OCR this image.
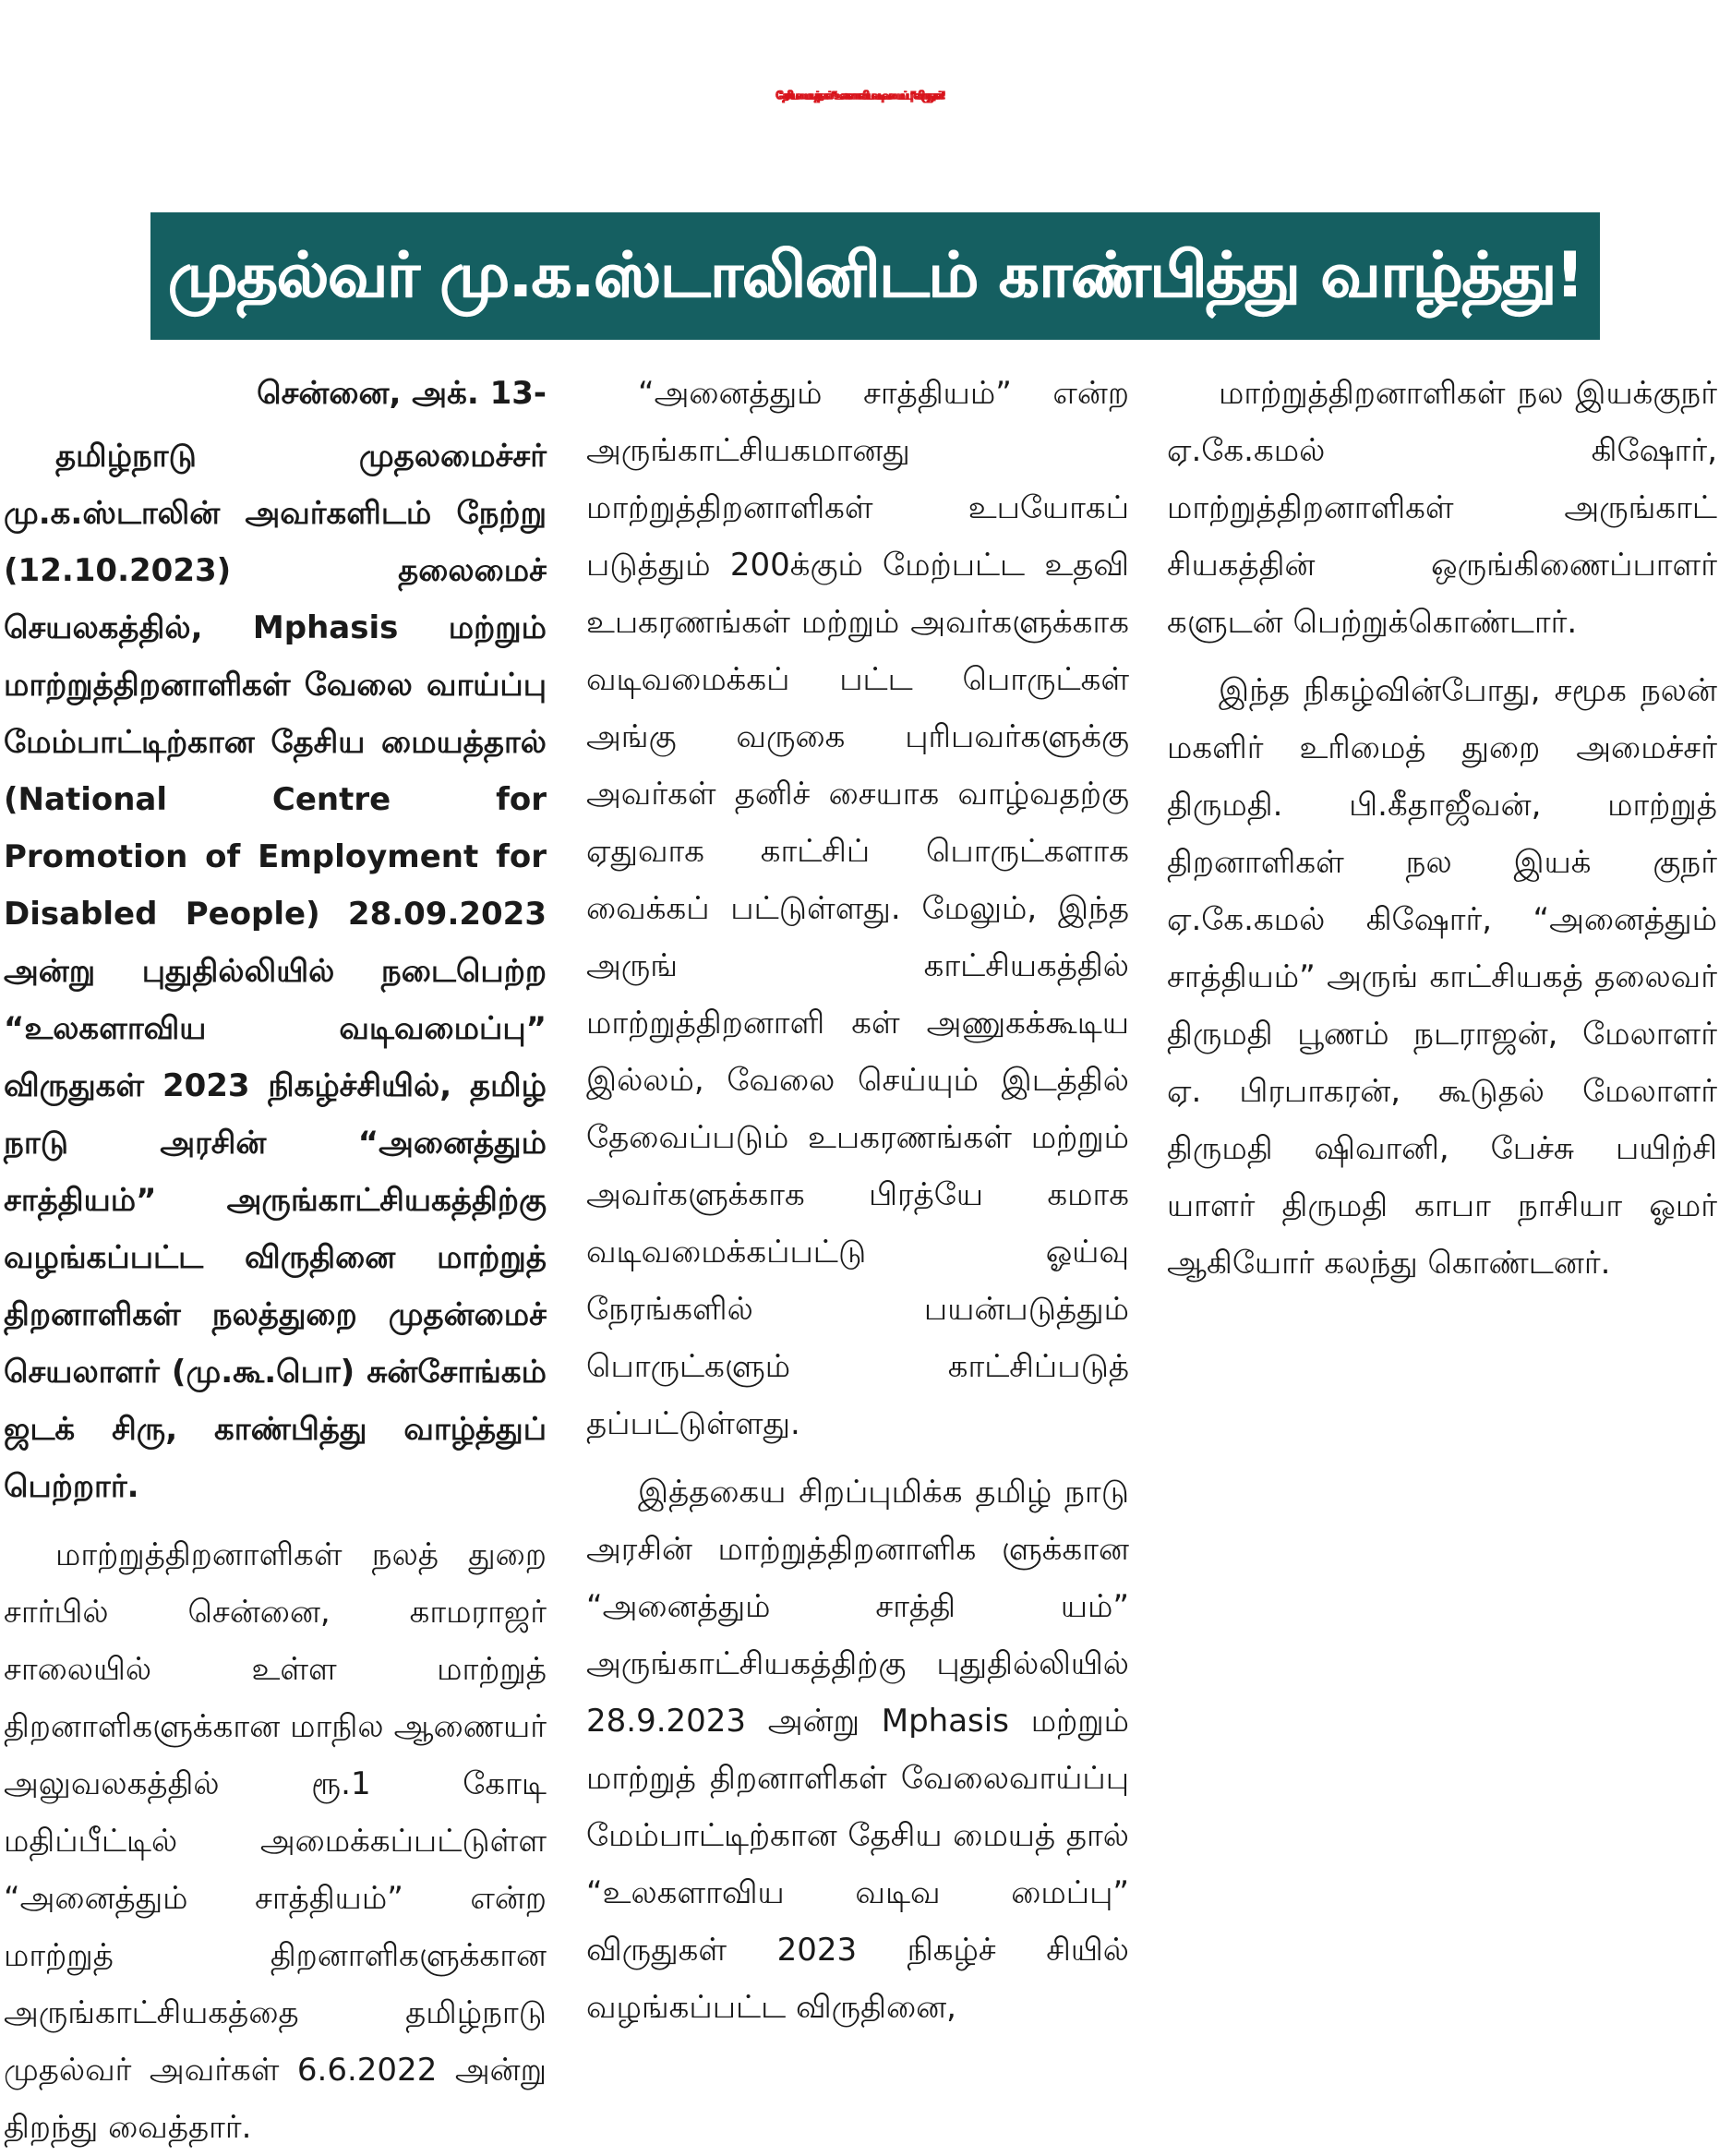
தேசிய மையத்தால் “உலகளாவிய வடிவமைப்பு” விருதுகள்!
முதல்வர் மு.க.ஸ்டாலினிடம் காண்பித்து வாழ்த்து!

சென்னை, அக். 13-

தமிழ்நாடு முதலமைச்சர் மு.க.ஸ்டாலின் அவர்களிடம் நேற்று (12.10.2023) தலைமைச் செயலகத்தில், Mphasis மற்றும் மாற்றுத்திறனாளிகள் வேலை வாய்ப்பு மேம்பாட்டிற்கான தேசிய மையத்தால் (National Centre for Promotion of Employment for Disabled People) 28.09.2023 அன்று புதுதில்லியில் நடைபெற்ற “உலகளாவிய வடிவமைப்பு” விருதுகள் 2023 நிகழ்ச்சியில், தமிழ் நாடு அரசின் “அனைத்தும் சாத்தியம்” அருங்காட்சியகத்திற்கு வழங்கப்பட்ட விருதினை மாற்றுத் திறனாளிகள் நலத்துறை முதன்மைச் செயலாளர் (மு.கூ.பொ) சுன்சோங்கம் ஜடக் சிரு, காண்பித்து வாழ்த்துப் பெற்றார்.

மாற்றுத்திறனாளிகள் நலத் துறை சார்பில் சென்னை, காமராஜர் சாலையில் உள்ள மாற்றுத் திறனாளிகளுக்கான மாநில ஆணையர் அலுவலகத்தில் ரூ.1 கோடி மதிப்பீட்டில் அமைக்கப்பட்டுள்ள “அனைத்தும் சாத்தியம்” என்ற மாற்றுத் திறனாளிகளுக்கான அருங்காட்சியகத்தை தமிழ்நாடு முதல்வர் அவர்கள் 6.6.2022 அன்று திறந்து வைத்தார்.

“அனைத்தும் சாத்தியம்” என்ற அருங்காட்சியகமானது மாற்றுத்திறனாளிகள் உபயோகப் படுத்தும் 200க்கும் மேற்பட்ட உதவி உபகரணங்கள் மற்றும் அவர்களுக்காக வடிவமைக்கப் பட்ட பொருட்கள் அங்கு வருகை புரிபவர்களுக்கு அவர்கள் தனிச் சையாக வாழ்வதற்கு ஏதுவாக காட்சிப் பொருட்களாக வைக்கப் பட்டுள்ளது. மேலும், இந்த அருங் காட்சியகத்தில் மாற்றுத்திறனாளி கள் அணுகக்கூடிய இல்லம், வேலை செய்யும் இடத்தில் தேவைப்படும் உபகரணங்கள் மற்றும் அவர்களுக்காக பிரத்யே கமாக வடிவமைக்கப்பட்டு ஓய்வு நேரங்களில் பயன்படுத்தும் பொருட்களும் காட்சிப்படுத் தப்பட்டுள்ளது.

இத்தகைய சிறப்புமிக்க தமிழ் நாடு அரசின் மாற்றுத்திறனாளிக ளுக்கான “அனைத்தும் சாத்தி யம்” அருங்காட்சியகத்திற்கு புதுதில்லியில் 28.9.2023 அன்று Mphasis மற்றும் மாற்றுத் திறனாளிகள் வேலைவாய்ப்பு மேம்பாட்டிற்கான தேசிய மையத் தால் “உலகளாவிய வடிவ மைப்பு” விருதுகள் 2023 நிகழ்ச் சியில் வழங்கப்பட்ட விருதினை,

மாற்றுத்திறனாளிகள் நல இயக்குநர் ஏ.கே.கமல் கிஷோர், மாற்றுத்திறனாளிகள் அருங்காட் சியகத்தின் ஒருங்கிணைப்பாளர் களுடன் பெற்றுக்கொண்டார்.

இந்த நிகழ்வின்போது, சமூக நலன் மகளிர் உரிமைத் துறை அமைச்சர் திருமதி. பி.கீதாஜீவன், மாற்றுத் திறனாளிகள் நல இயக் குநர் ஏ.கே.கமல் கிஷோர், “அனைத்தும் சாத்தியம்” அருங் காட்சியகத் தலைவர் திருமதி பூணம் நடராஜன், மேலாளர் ஏ. பிரபாகரன், கூடுதல் மேலாளர் திருமதி ஷிவானி, பேச்சு பயிற்சி யாளர் திருமதி காபா நாசியா ஓமர் ஆகியோர் கலந்து கொண்டனர்.
